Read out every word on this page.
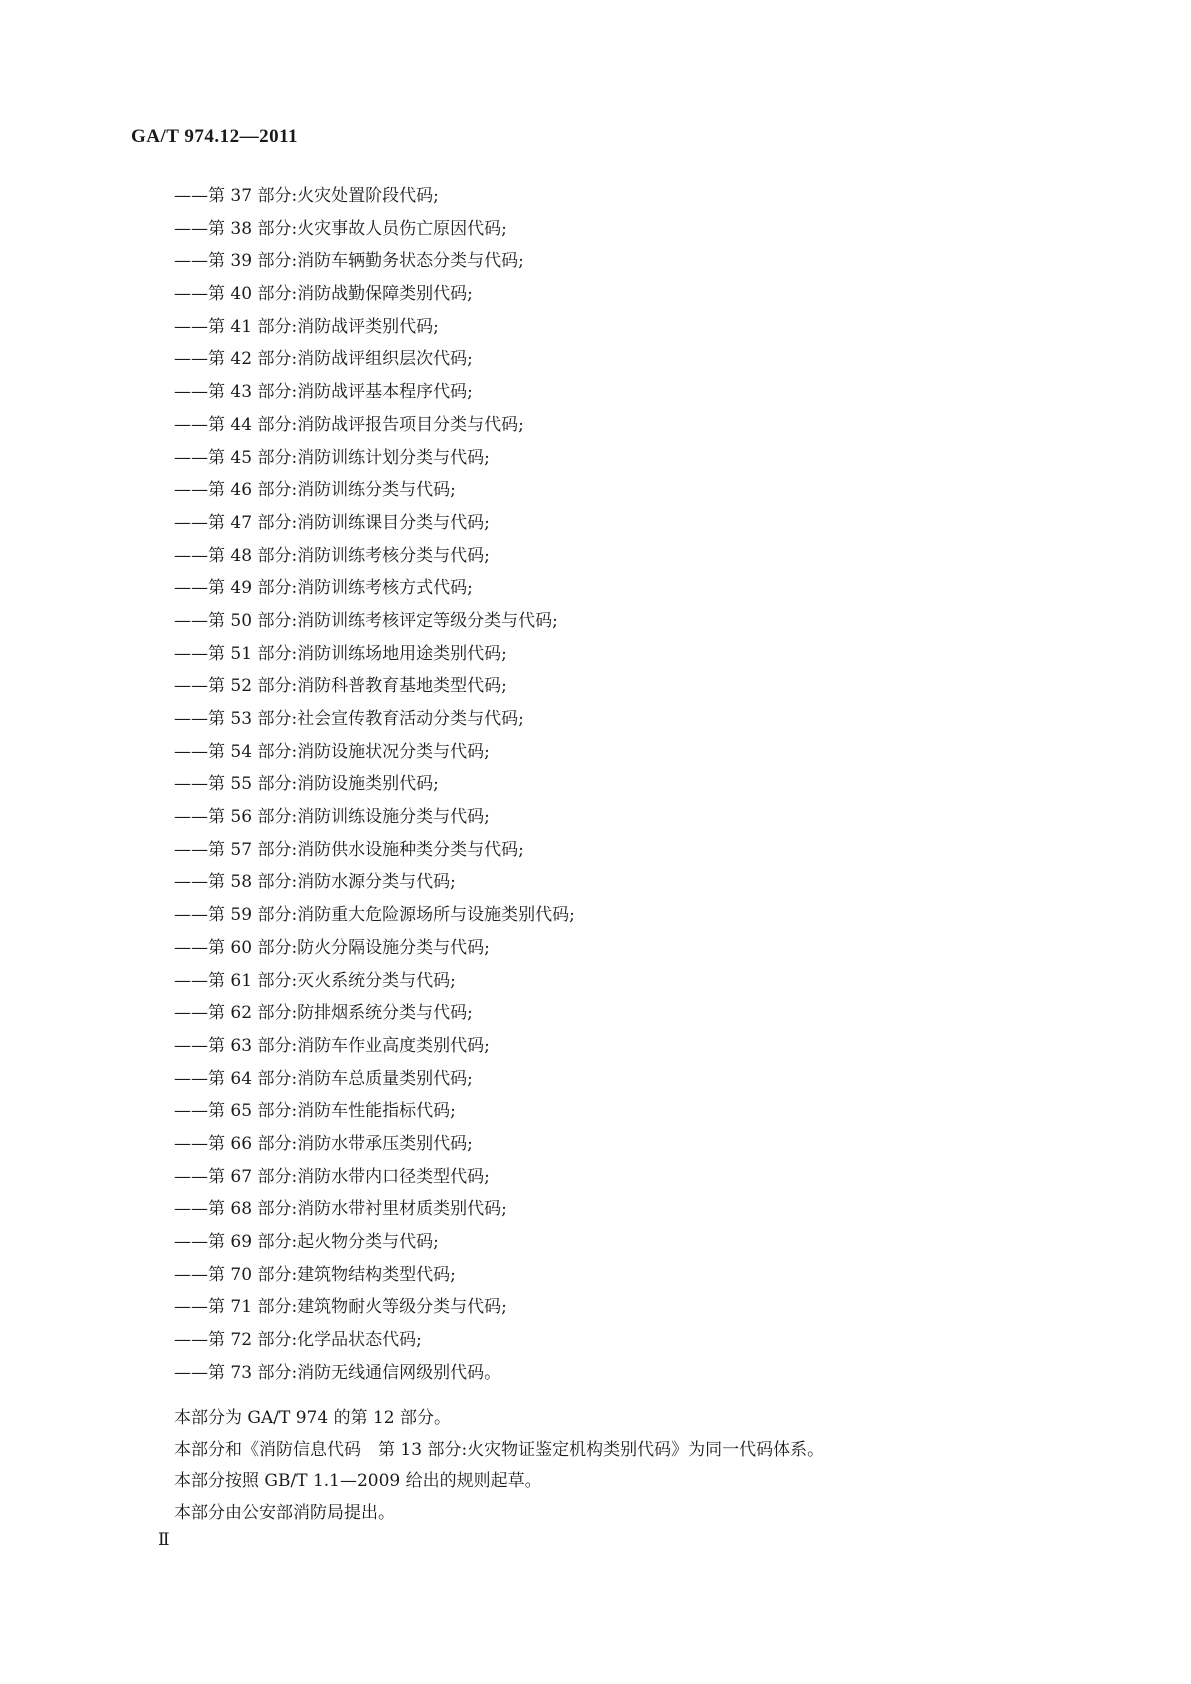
GA/T 974.12—2011
——第 37 部分:火灾处置阶段代码;
——第 38 部分:火灾事故人员伤亡原因代码;
——第 39 部分:消防车辆勤务状态分类与代码;
——第 40 部分:消防战勤保障类别代码;
——第 41 部分:消防战评类别代码;
——第 42 部分:消防战评组织层次代码;
——第 43 部分:消防战评基本程序代码;
——第 44 部分:消防战评报告项目分类与代码;
——第 45 部分:消防训练计划分类与代码;
——第 46 部分:消防训练分类与代码;
——第 47 部分:消防训练课目分类与代码;
——第 48 部分:消防训练考核分类与代码;
——第 49 部分:消防训练考核方式代码;
——第 50 部分:消防训练考核评定等级分类与代码;
——第 51 部分:消防训练场地用途类别代码;
——第 52 部分:消防科普教育基地类型代码;
——第 53 部分:社会宣传教育活动分类与代码;
——第 54 部分:消防设施状况分类与代码;
——第 55 部分:消防设施类别代码;
——第 56 部分:消防训练设施分类与代码;
——第 57 部分:消防供水设施种类分类与代码;
——第 58 部分:消防水源分类与代码;
——第 59 部分:消防重大危险源场所与设施类别代码;
——第 60 部分:防火分隔设施分类与代码;
——第 61 部分:灭火系统分类与代码;
——第 62 部分:防排烟系统分类与代码;
——第 63 部分:消防车作业高度类别代码;
——第 64 部分:消防车总质量类别代码;
——第 65 部分:消防车性能指标代码;
——第 66 部分:消防水带承压类别代码;
——第 67 部分:消防水带内口径类型代码;
——第 68 部分:消防水带衬里材质类别代码;
——第 69 部分:起火物分类与代码;
——第 70 部分:建筑物结构类型代码;
——第 71 部分:建筑物耐火等级分类与代码;
——第 72 部分:化学品状态代码;
——第 73 部分:消防无线通信网级别代码。

本部分为 GA/T 974 的第 12 部分。

本部分和《消防信息代码　第 13 部分:火灾物证鉴定机构类别代码》为同一代码体系。

本部分按照 GB/T 1.1—2009 给出的规则起草。

本部分由公安部消防局提出。

Ⅱ
